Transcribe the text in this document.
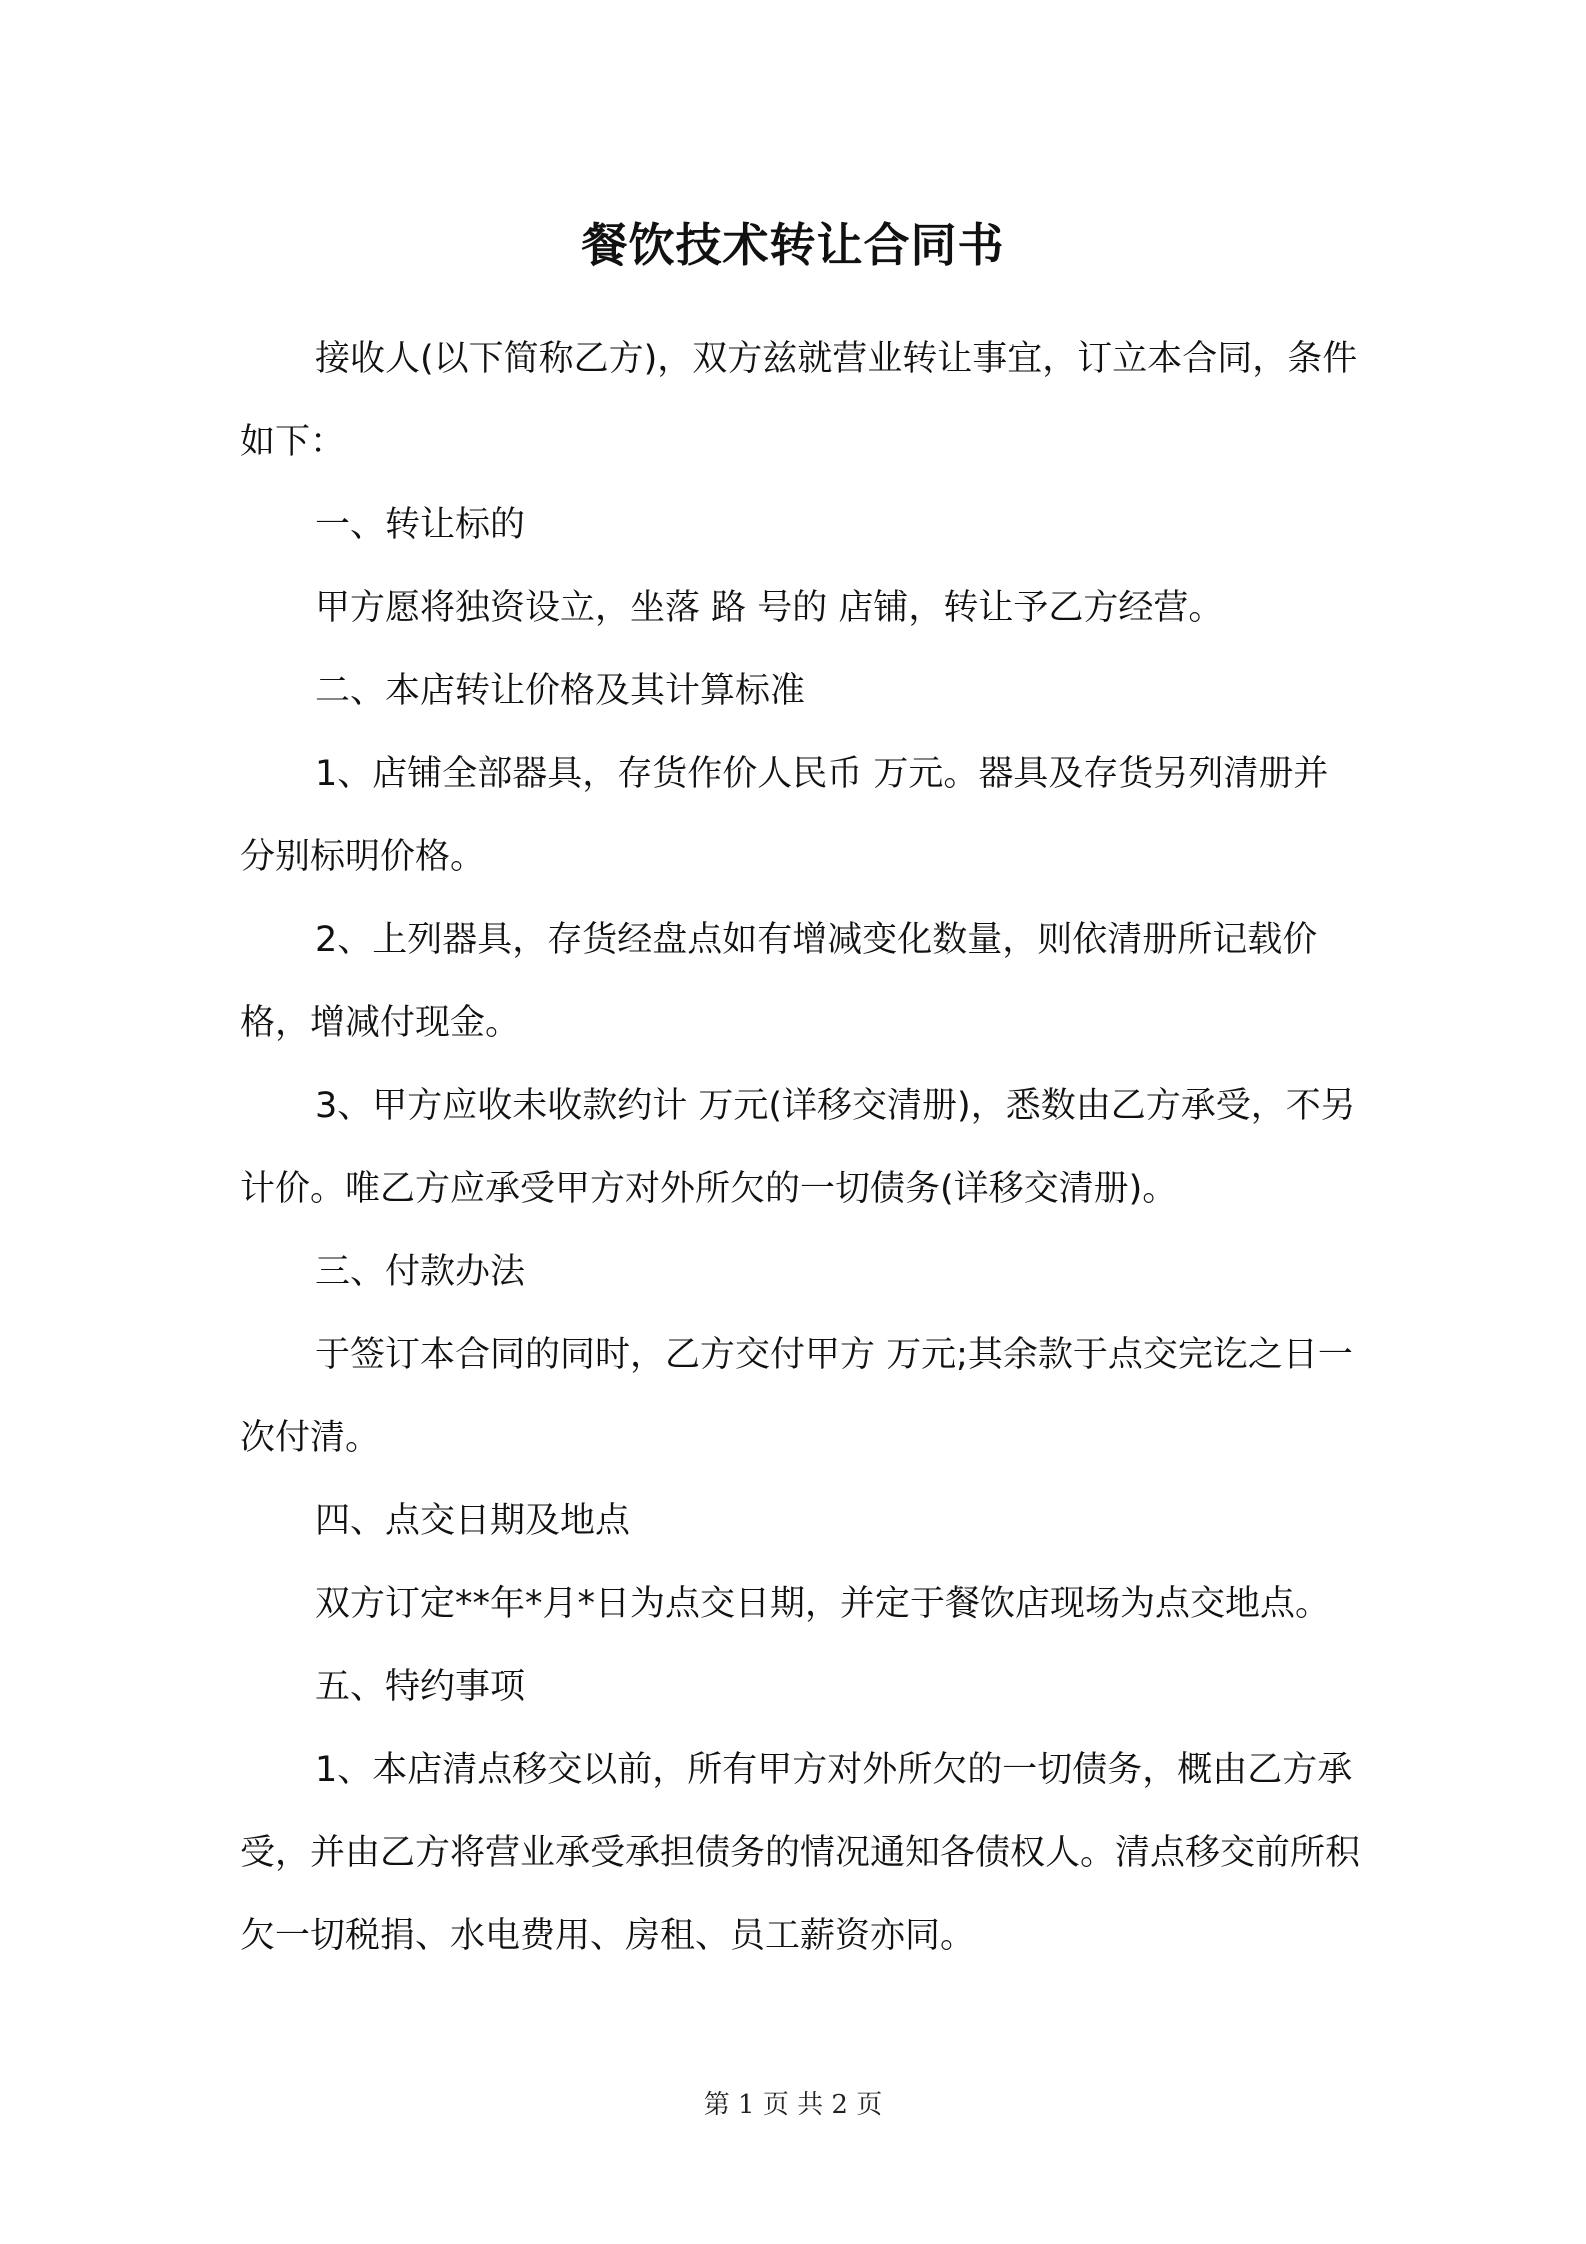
餐饮技术转让合同书

接收人(以下简称乙方)，双方兹就营业转让事宜，订立本合同，条件如下：

一、转让标的

甲方愿将独资设立，坐落 路 号的 店铺，转让予乙方经营。

二、本店转让价格及其计算标准

1、店铺全部器具，存货作价人民币 万元。器具及存货另列清册并分别标明价格。

2、上列器具，存货经盘点如有增减变化数量，则依清册所记载价格，增减付现金。

3、甲方应收未收款约计 万元(详移交清册)，悉数由乙方承受，不另计价。唯乙方应承受甲方对外所欠的一切债务(详移交清册)。

三、付款办法

于签订本合同的同时，乙方交付甲方 万元;其余款于点交完讫之日一次付清。

四、点交日期及地点

双方订定**年*月*日为点交日期，并定于餐饮店现场为点交地点。

五、特约事项

1、本店清点移交以前，所有甲方对外所欠的一切债务，概由乙方承受，并由乙方将营业承受承担债务的情况通知各债权人。清点移交前所积欠一切税捐、水电费用、房租、员工薪资亦同。

第 1 页 共 2 页
